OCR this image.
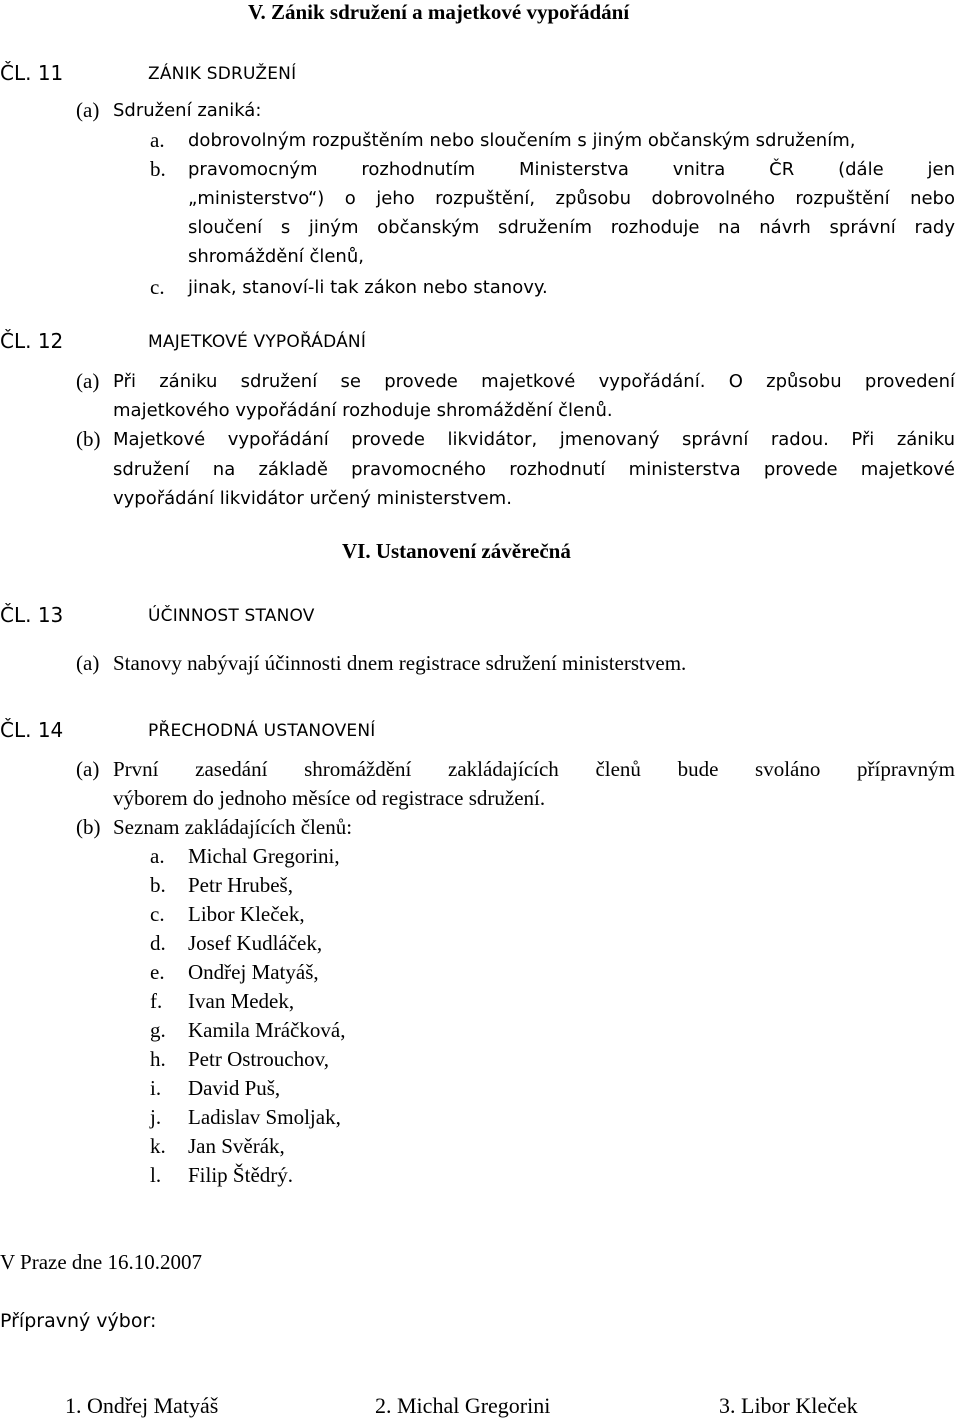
V. Zánik sdružení a majetkové vypořádání
ČL. 11	ZÁNIK SDRUŽENÍ
(a) Sdružení zaniká:
a. dobrovolným rozpuštěním nebo sloučením s jiným občanským sdružením,
b. pravomocným rozhodnutím Ministerstva vnitra ČR (dále jen
„ministerstvo“) o jeho rozpuštění, způsobu dobrovolného rozpuštění nebo
sloučení s jiným občanským sdružením rozhoduje na návrh správní rady
shromáždění členů,
c. jinak, stanoví-li tak zákon nebo stanovy.
ČL. 12	MAJETKOVÉ VYPOŘÁDÁNÍ
(a) Při zániku sdružení se provede majetkové vypořádání. O způsobu provedení
majetkového vypořádání rozhoduje shromáždění členů.
(b) Majetkové vypořádání provede likvidátor, jmenovaný správní radou. Při zániku
sdružení na základě pravomocného rozhodnutí ministerstva provede majetkové
vypořádání likvidátor určený ministerstvem.
VI. Ustanovení závěrečná
ČL. 13	ÚČINNOST STANOV
(a) Stanovy nabývají účinnosti dnem registrace sdružení ministerstvem.
ČL. 14	PŘECHODNÁ USTANOVENÍ
(a) První zasedání shromáždění zakládajících členů bude svoláno přípravným
výborem do jednoho měsíce od registrace sdružení.
(b) Seznam zakládajících členů:
a. Michal Gregorini,
b. Petr Hrubeš,
c. Libor Kleček,
d. Josef Kudláček,
e. Ondřej Matyáš,
f. Ivan Medek,
g. Kamila Mráčková,
h. Petr Ostrouchov,
i. David Puš,
j. Ladislav Smoljak,
k. Jan Svěrák,
l. Filip Štědrý.
V Praze dne 16.10.2007
Přípravný výbor:
1. Ondřej Matyáš	2. Michal Gregorini	3. Libor Kleček
